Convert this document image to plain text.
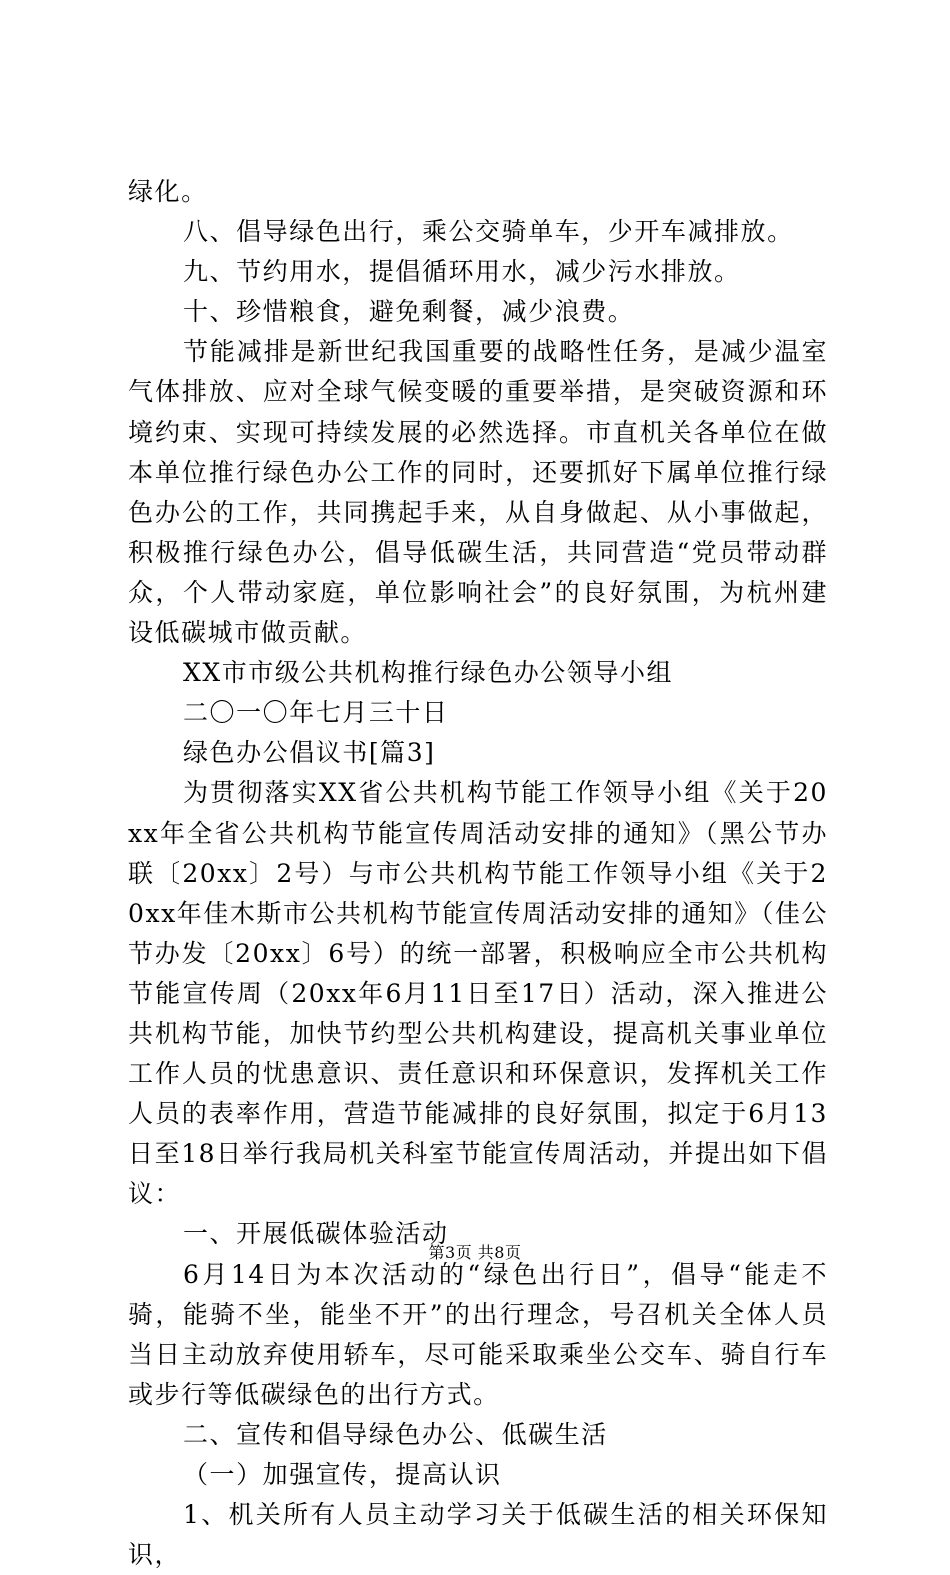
绿化。

八、倡导绿色出行，乘公交骑单车，少开车减排放。

九、节约用水，提倡循环用水，减少污水排放。

十、珍惜粮食，避免剩餐，减少浪费。

节能减排是新世纪我国重要的战略性任务，是减少温室气体排放、应对全球气候变暖的重要举措，是突破资源和环境约束、实现可持续发展的必然选择。市直机关各单位在做本单位推行绿色办公工作的同时，还要抓好下属单位推行绿色办公的工作，共同携起手来，从自身做起、从小事做起，积极推行绿色办公，倡导低碳生活，共同营造“党员带动群众，个人带动家庭，单位影响社会”的良好氛围，为杭州建设低碳城市做贡献。

XX市市级公共机构推行绿色办公领导小组

二〇一〇年七月三十日

绿色办公倡议书[篇3]

为贯彻落实XX省公共机构节能工作领导小组《关于20xx年全省公共机构节能宣传周活动安排的通知》（黑公节办联〔20xx〕2号）与市公共机构节能工作领导小组《关于20xx年佳木斯市公共机构节能宣传周活动安排的通知》（佳公节办发〔20xx〕6号）的统一部署，积极响应全市公共机构节能宣传周（20xx年6月11日至17日）活动，深入推进公共机构节能，加快节约型公共机构建设，提高机关事业单位工作人员的忧患意识、责任意识和环保意识，发挥机关工作人员的表率作用，营造节能减排的良好氛围，拟定于6月13日至18日举行我局机关科室节能宣传周活动，并提出如下倡议：

一、开展低碳体验活动

6月14日为本次活动的“绿色出行日”，倡导“能走不骑，能骑不坐，能坐不开”的出行理念，号召机关全体人员当日主动放弃使用轿车，尽可能采取乘坐公交车、骑自行车或步行等低碳绿色的出行方式。

二、宣传和倡导绿色办公、低碳生活

（一）加强宣传，提高认识

1、机关所有人员主动学习关于低碳生活的相关环保知识，

第3页 共8页
